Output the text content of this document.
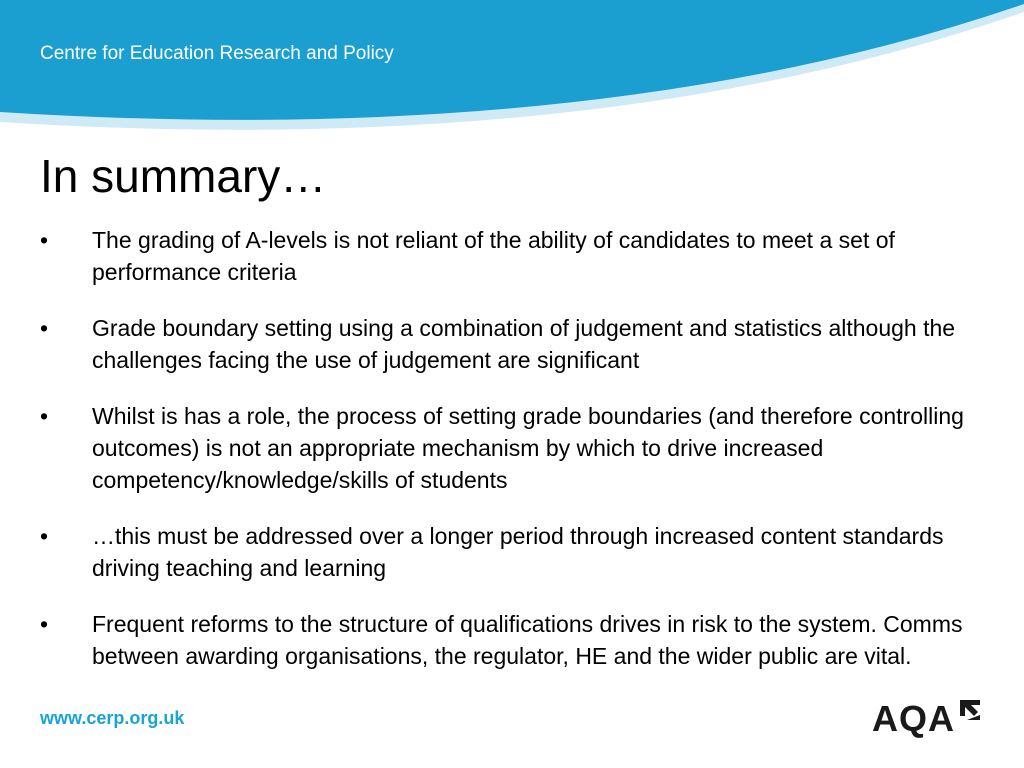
Centre for Education Research and Policy
In summary…
•	The grading of A-levels is not reliant of the ability of candidates to meet a set of performance criteria
•	Grade boundary setting using a combination of judgement and statistics although the challenges facing the use of judgement are significant
•	Whilst is has a role, the process of setting grade boundaries (and therefore controlling outcomes) is not an appropriate mechanism by which to drive increased competency/knowledge/skills of students
•	…this must be addressed over a longer period through increased content standards driving teaching and learning
•	Frequent reforms to the structure of qualifications drives in risk to the system. Comms between awarding organisations, the regulator, HE and the wider public are vital.
www.cerp.org.uk	AQA
